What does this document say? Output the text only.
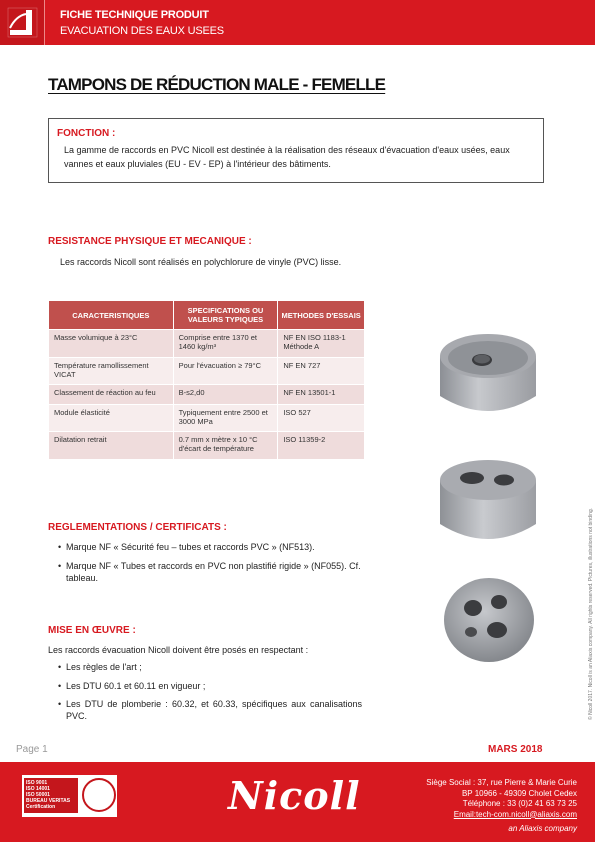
FICHE TECHNIQUE PRODUIT
EVACUATION DES EAUX USEES
TAMPONS DE RÉDUCTION MALE - FEMELLE
FONCTION :
La gamme de raccords en PVC Nicoll est destinée à la réalisation des réseaux d'évacuation d'eaux usées, eaux vannes et eaux pluviales (EU - EV - EP) à l'intérieur des bâtiments.
RESISTANCE PHYSIQUE ET MECANIQUE :
Les raccords Nicoll sont réalisés en polychlorure de vinyle (PVC) lisse.
CARACTERISTIQUES	SPECIFICATIONS OU VALEURS TYPIQUES	METHODES D'ESSAIS
Masse volumique à 23°C	Comprise entre 1370 et 1460 kg/m³	NF EN ISO 1183-1 Méthode A
Température ramollissement VICAT	Pour l'évacuation ≥ 79°C	NF EN 727
Classement de réaction au feu	B-s2,d0	NF EN 13501-1
Module élasticité	Typiquement entre 2500 et 3000 MPa	ISO 527
Dilatation retrait	0.7 mm x mètre x 10 °C d'écart de température	ISO 11359-2
REGLEMENTATIONS / CERTIFICATS :
• Marque NF « Sécurité feu – tubes et raccords PVC » (NF513).
• Marque NF « Tubes et raccords en PVC non plastifié rigide » (NF055). Cf. tableau.
MISE EN ŒUVRE :
Les raccords évacuation Nicoll doivent être posés en respectant :
• Les règles de l'art ;
• Les DTU 60.1 et 60.11 en vigueur ;
• Les DTU de plomberie : 60.32, et 60.33, spécifiques aux canalisations PVC.	© Nicoll 2017. Nicoll is an Aliaxis company. All rights reserved. Pictures, illustrations not binding.
Page 1	MARS 2018
ISO 9001
ISO 14001
ISO 50001
BUREAU VERITAS
Certification	Nicoll	Siège Social : 37, rue Pierre & Marie Curie
BP 10966 - 49309 Cholet Cedex
Téléphone : 33 (0)2 41 63 73 25
Email:tech-com.nicoll@aliaxis.com
an Aliaxis company
